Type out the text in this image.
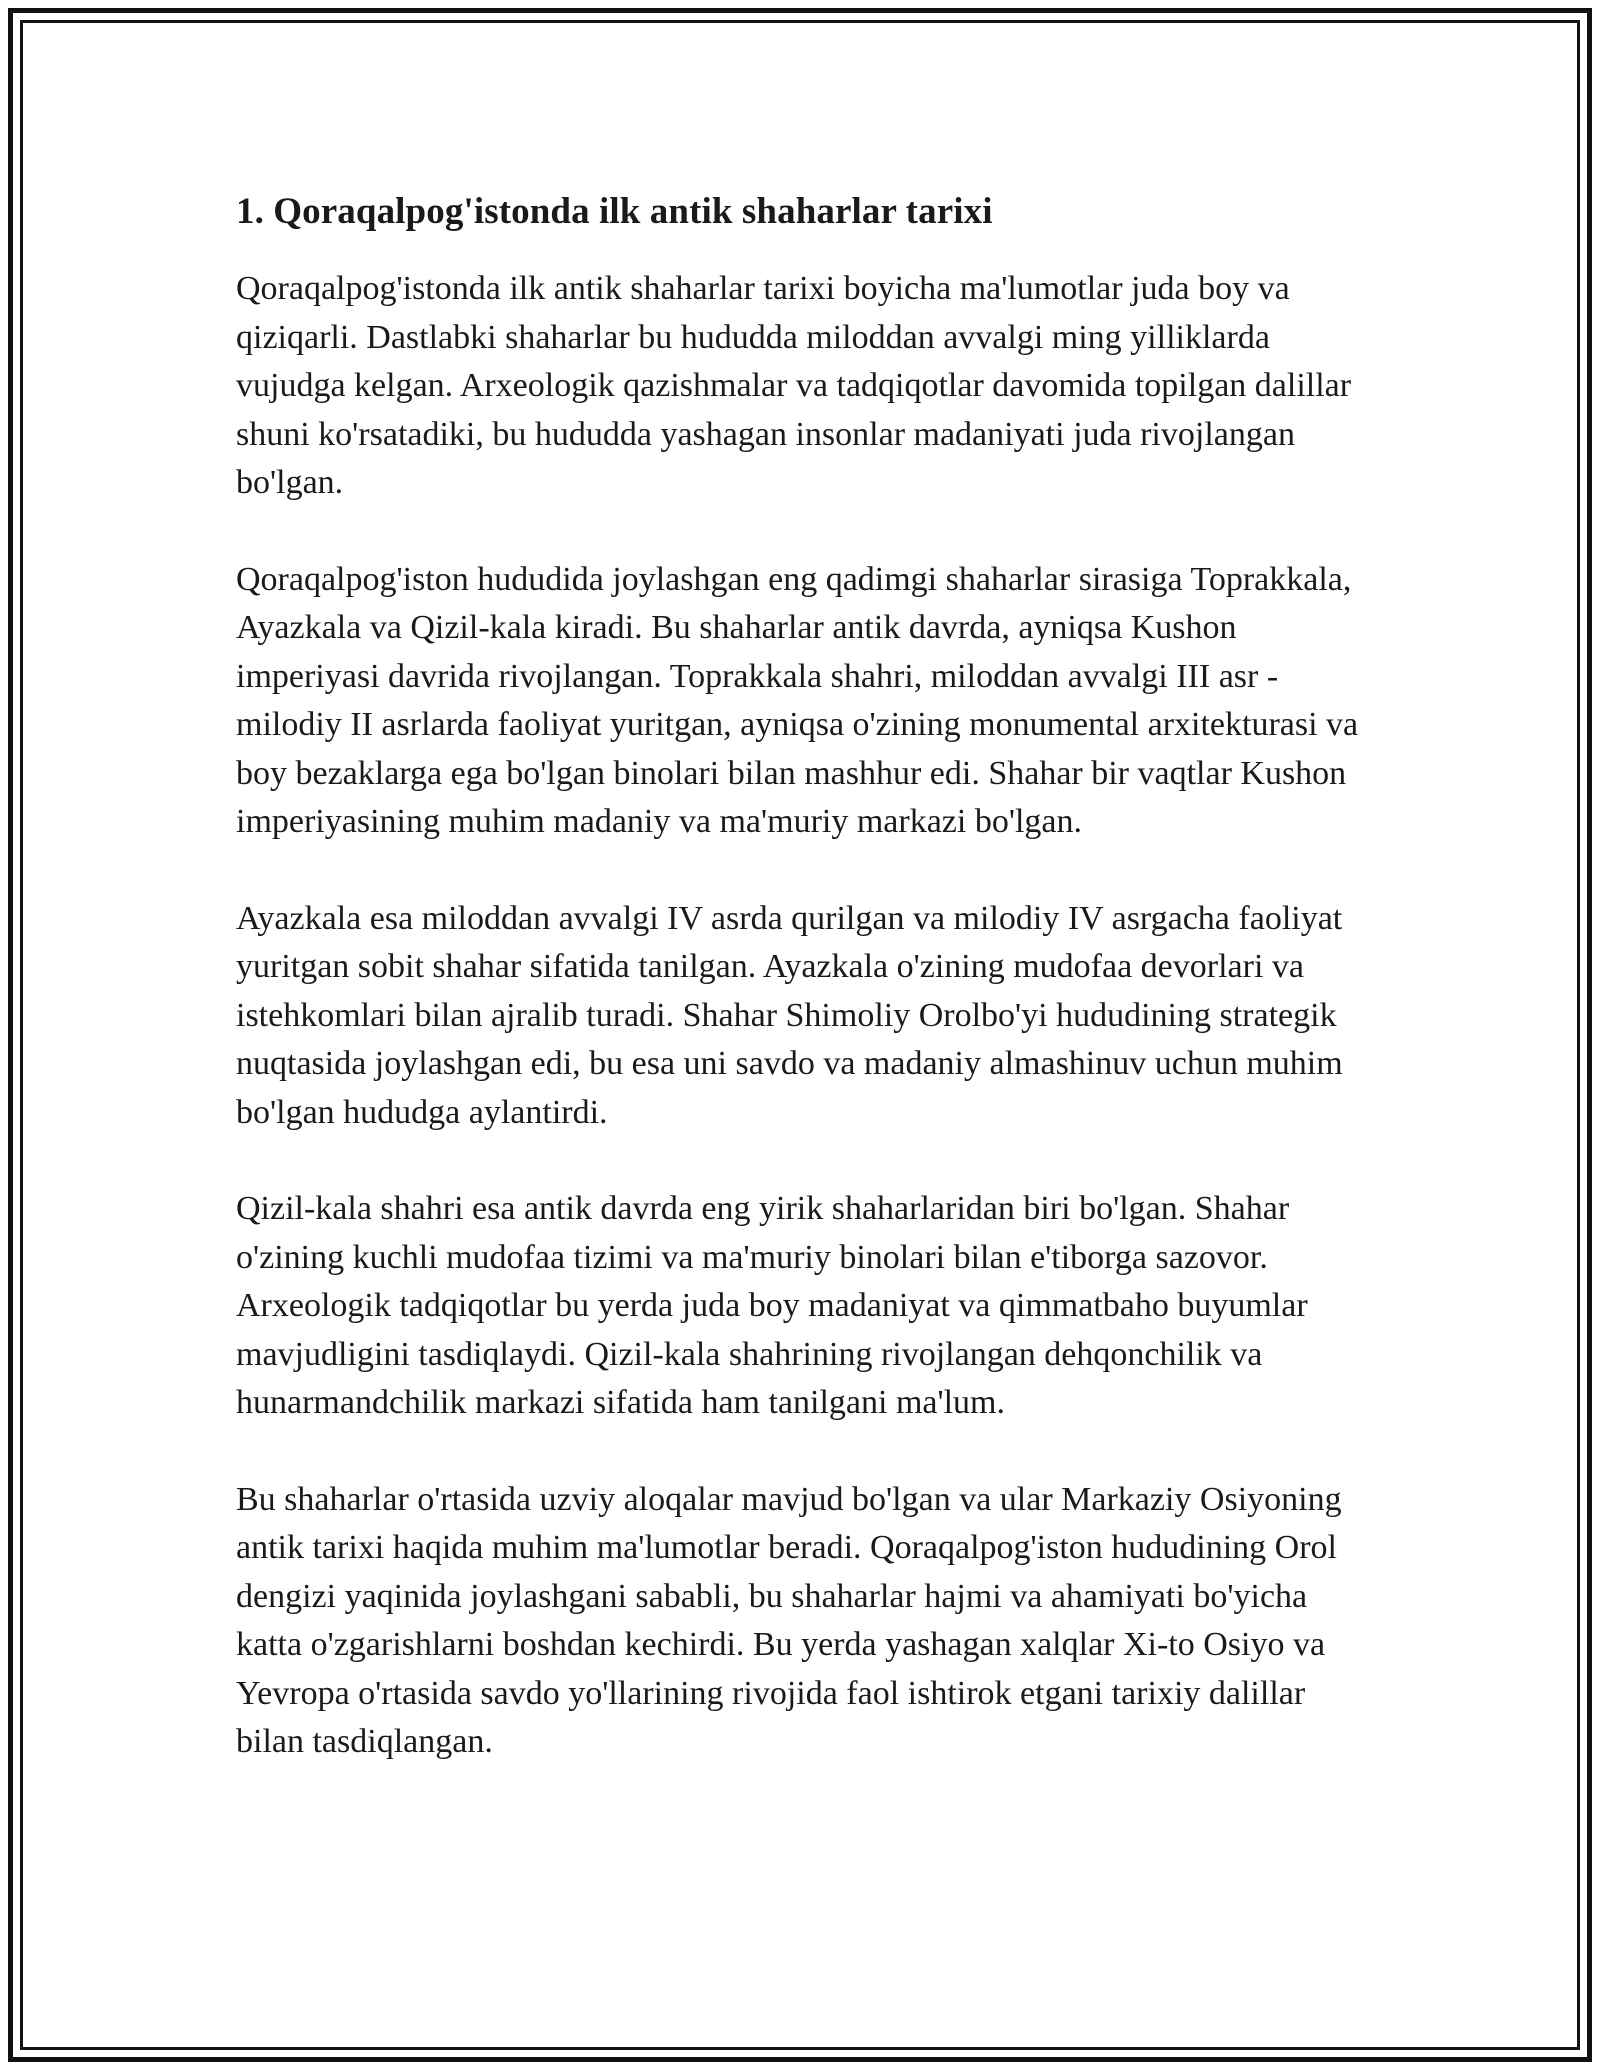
1. Qoraqalpog'istonda ilk antik shaharlar tarixi

Qoraqalpog'istonda ilk antik shaharlar tarixi boyicha ma'lumotlar juda boy va qiziqarli. Dastlabki shaharlar bu hududda miloddan avvalgi ming yilliklarda vujudga kelgan. Arxeologik qazishmalar va tadqiqotlar davomida topilgan dalillar shuni ko'rsatadiki, bu hududda yashagan insonlar madaniyati juda rivojlangan bo'lgan.

Qoraqalpog'iston hududida joylashgan eng qadimgi shaharlar sirasiga Toprakkala, Ayazkala va Qizil-kala kiradi. Bu shaharlar antik davrda, ayniqsa Kushon imperiyasi davrida rivojlangan. Toprakkala shahri, miloddan avvalgi III asr - milodiy II asrlarda faoliyat yuritgan, ayniqsa o'zining monumental arxitekturasi va boy bezaklarga ega bo'lgan binolari bilan mashhur edi. Shahar bir vaqtlar Kushon imperiyasining muhim madaniy va ma'muriy markazi bo'lgan.

Ayazkala esa miloddan avvalgi IV asrda qurilgan va milodiy IV asrgacha faoliyat yuritgan sobit shahar sifatida tanilgan. Ayazkala o'zining mudofaa devorlari va istehkomlari bilan ajralib turadi. Shahar Shimoliy Orolbo'yi hududining strategik nuqtasida joylashgan edi, bu esa uni savdo va madaniy almashinuv uchun muhim bo'lgan hududga aylantirdi.

Qizil-kala shahri esa antik davrda eng yirik shaharlaridan biri bo'lgan. Shahar o'zining kuchli mudofaa tizimi va ma'muriy binolari bilan e'tiborga sazovor. Arxeologik tadqiqotlar bu yerda juda boy madaniyat va qimmatbaho buyumlar mavjudligini tasdiqlaydi. Qizil-kala shahrining rivojlangan dehqonchilik va hunarmandchilik markazi sifatida ham tanilgani ma'lum.

Bu shaharlar o'rtasida uzviy aloqalar mavjud bo'lgan va ular Markaziy Osiyoning antik tarixi haqida muhim ma'lumotlar beradi. Qoraqalpog'iston hududining Orol dengizi yaqinida joylashgani sababli, bu shaharlar hajmi va ahamiyati bo'yicha katta o'zgarishlarni boshdan kechirdi. Bu yerda yashagan xalqlar Xi-to Osiyo va Yevropa o'rtasida savdo yo'llarining rivojida faol ishtirok etgani tarixiy dalillar bilan tasdiqlangan.
